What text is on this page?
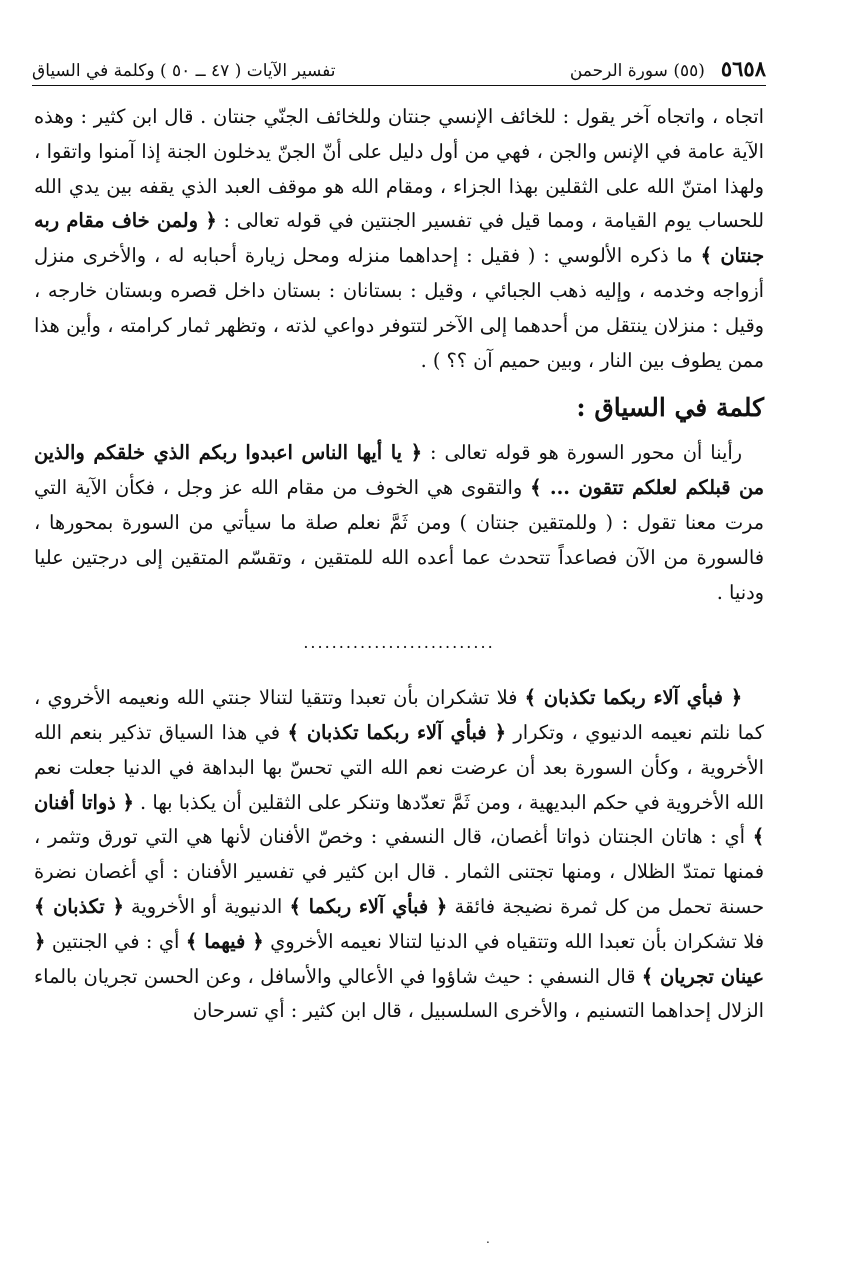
٥٦٥٨
(٥٥) سورة الرحمن
تفسير الآيات ( ٤٧ ــ ٥٠ ) وكلمة في السياق

اتجاه ، واتجاه آخر يقول : للخائف الإنسي جنتان وللخائف الجنّي جنتان . قال ابن كثير : وهذه الآية عامة في الإنس والجن ، فهي من أول دليل على أنّ الجنّ يدخلون الجنة إذا آمنوا واتقوا ، ولهذا امتنّ الله على الثقلين بهذا الجزاء ، ومقام الله هو موقف العبد الذي يقفه بين يدي الله للحساب يوم القيامة ، ومما قيل في تفسير الجنتين في قوله تعالى : ﴿ ولمن خاف مقام ربه جنتان ﴾ ما ذكره الألوسي : ( فقيل : إحداهما منزله ومحل زيارة أحبابه له ، والأخرى منزل أزواجه وخدمه ، وإليه ذهب الجبائي ، وقيل : بستانان : بستان داخل قصره وبستان خارجه ، وقيل : منزلان ينتقل من أحدهما إلى الآخر لتتوفر دواعي لذته ، وتظهر ثمار كرامته ، وأين هذا ممن يطوف بين النار ، وبين حميم آن ؟؟ ) .

كلمة في السياق :

رأينا أن محور السورة هو قوله تعالى : ﴿ يا أيها الناس اعبدوا ربكم الذي خلقكم والذين من قبلكم لعلكم تتقون ... ﴾ والتقوى هي الخوف من مقام الله عز وجل ، فكأن الآية التي مرت معنا تقول : ( وللمتقين جنتان ) ومن ثَمَّ نعلم صلة ما سيأتي من السورة بمحورها ، فالسورة من الآن فصاعداً تتحدث عما أعده الله للمتقين ، وتقسّم المتقين إلى درجتين عليا ودنيا .

...........................

﴿ فبأي آلاء ربكما تكذبان ﴾ فلا تشكران بأن تعبدا وتتقيا لتنالا جنتي الله ونعيمه الأخروي ، كما نلتم نعيمه الدنيوي ، وتكرار ﴿ فبأي آلاء ربكما تكذبان ﴾ في هذا السياق تذكير بنعم الله الأخروية ، وكأن السورة بعد أن عرضت نعم الله التي تحسّ بها البداهة في الدنيا جعلت نعم الله الأخروية في حكم البديهية ، ومن ثَمَّ تعدّدها وتنكر على الثقلين أن يكذبا بها . ﴿ ذواتا أفنان ﴾ أي : هاتان الجنتان ذواتا أغصان، قال النسفي : وخصّ الأفنان لأنها هي التي تورق وتثمر ، فمنها تمتدّ الظلال ، ومنها تجتنى الثمار . قال ابن كثير في تفسير الأفنان : أي أغصان نضرة حسنة تحمل من كل ثمرة نضيجة فائقة ﴿ فبأي آلاء ربكما ﴾ الدنيوية أو الأخروية ﴿ تكذبان ﴾ فلا تشكران بأن تعبدا الله وتتقياه في الدنيا لتنالا نعيمه الأخروي ﴿ فيهما ﴾ أي : في الجنتين ﴿ عينان تجريان ﴾ قال النسفي : حيث شاؤوا في الأعالي والأسافل ، وعن الحسن تجريان بالماء الزلال إحداهما التسنيم ، والأخرى السلسبيل ، قال ابن كثير : أي تسرحان

.
